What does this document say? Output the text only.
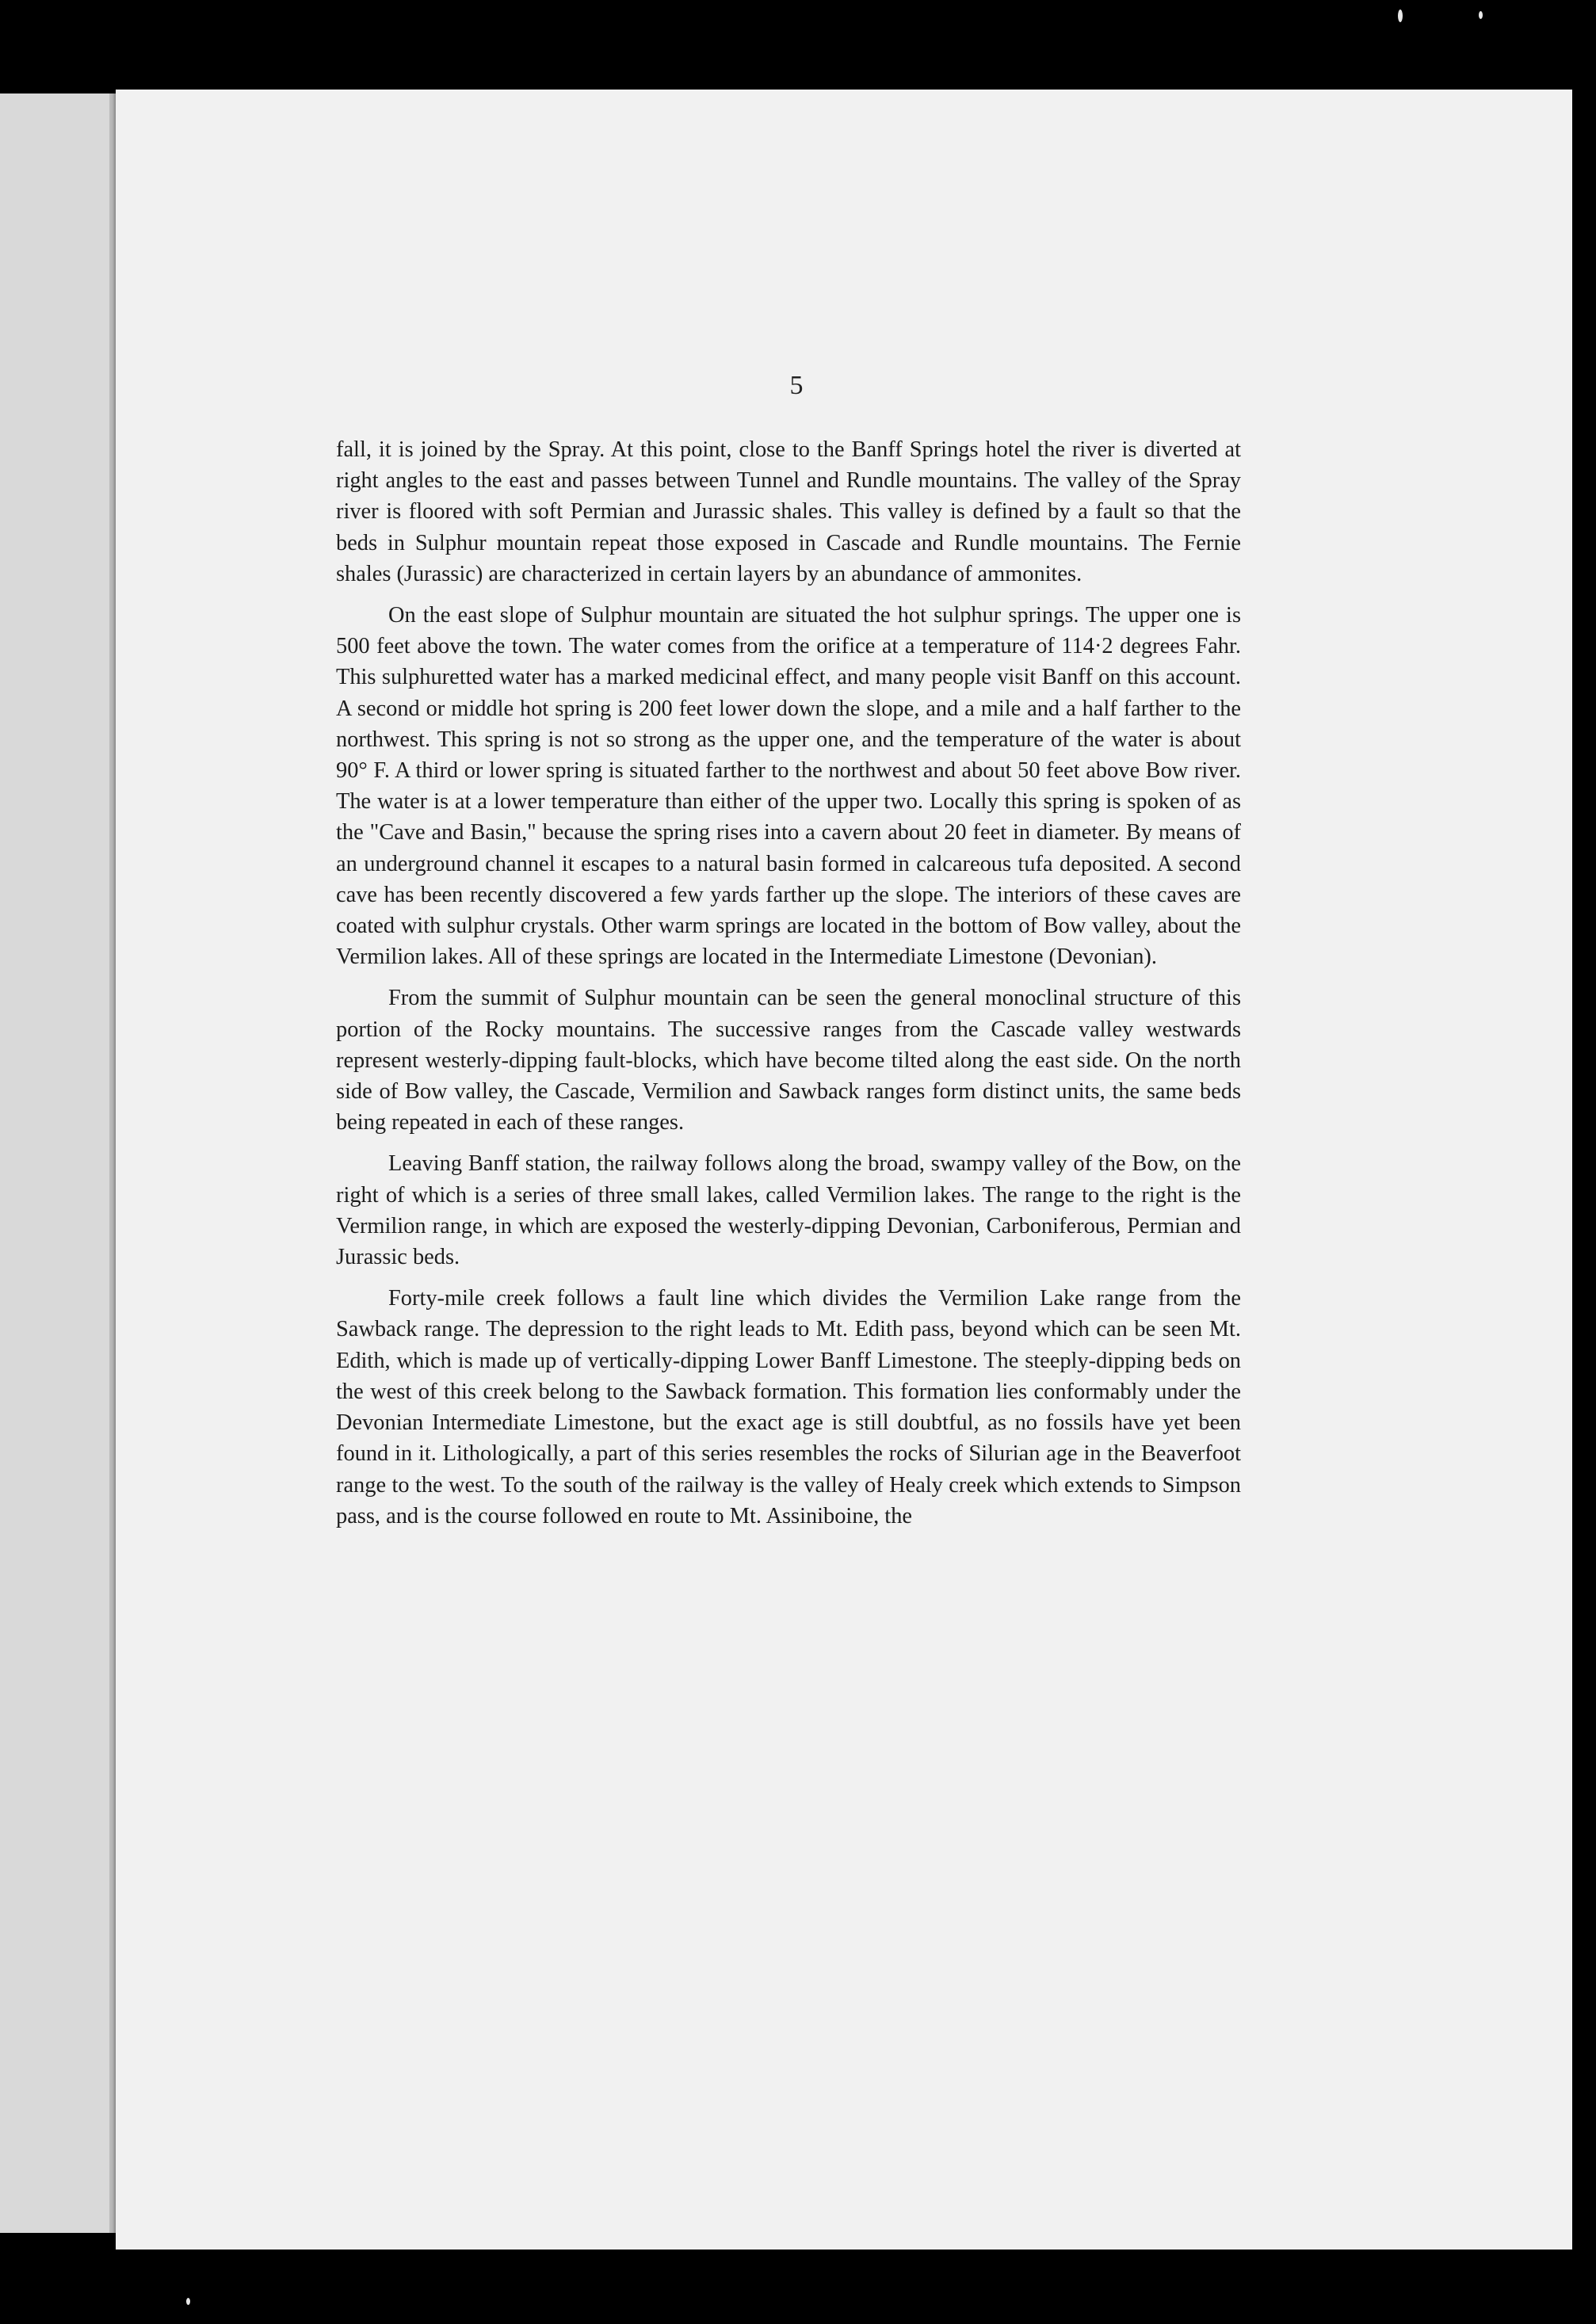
5

fall, it is joined by the Spray. At this point, close to the Banff Springs hotel the river is diverted at right angles to the east and passes between Tunnel and Rundle mountains. The valley of the Spray river is floored with soft Permian and Jurassic shales. This valley is defined by a fault so that the beds in Sulphur mountain repeat those exposed in Cascade and Rundle mountains. The Fernie shales (Jurassic) are characterized in certain layers by an abundance of ammonites.

On the east slope of Sulphur mountain are situated the hot sulphur springs. The upper one is 500 feet above the town. The water comes from the orifice at a temperature of 114·2 degrees Fahr. This sulphuretted water has a marked medicinal effect, and many people visit Banff on this account. A second or middle hot spring is 200 feet lower down the slope, and a mile and a half farther to the northwest. This spring is not so strong as the upper one, and the temperature of the water is about 90° F. A third or lower spring is situated farther to the northwest and about 50 feet above Bow river. The water is at a lower temperature than either of the upper two. Locally this spring is spoken of as the "Cave and Basin," because the spring rises into a cavern about 20 feet in diameter. By means of an underground channel it escapes to a natural basin formed in calcareous tufa deposited. A second cave has been recently discovered a few yards farther up the slope. The interiors of these caves are coated with sulphur crystals. Other warm springs are located in the bottom of Bow valley, about the Vermilion lakes. All of these springs are located in the Intermediate Limestone (Devonian).

From the summit of Sulphur mountain can be seen the general monoclinal structure of this portion of the Rocky mountains. The successive ranges from the Cascade valley westwards represent westerly-dipping fault-blocks, which have become tilted along the east side. On the north side of Bow valley, the Cascade, Vermilion and Sawback ranges form distinct units, the same beds being repeated in each of these ranges.

Leaving Banff station, the railway follows along the broad, swampy valley of the Bow, on the right of which is a series of three small lakes, called Vermilion lakes. The range to the right is the Vermilion range, in which are exposed the westerly-dipping Devonian, Carboniferous, Permian and Jurassic beds.

Forty-mile creek follows a fault line which divides the Vermilion Lake range from the Sawback range. The depression to the right leads to Mt. Edith pass, beyond which can be seen Mt. Edith, which is made up of vertically-dipping Lower Banff Limestone. The steeply-dipping beds on the west of this creek belong to the Sawback formation. This formation lies conformably under the Devonian Intermediate Limestone, but the exact age is still doubtful, as no fossils have yet been found in it. Lithologically, a part of this series resembles the rocks of Silurian age in the Beaverfoot range to the west. To the south of the railway is the valley of Healy creek which extends to Simpson pass, and is the course followed en route to Mt. Assiniboine, the
